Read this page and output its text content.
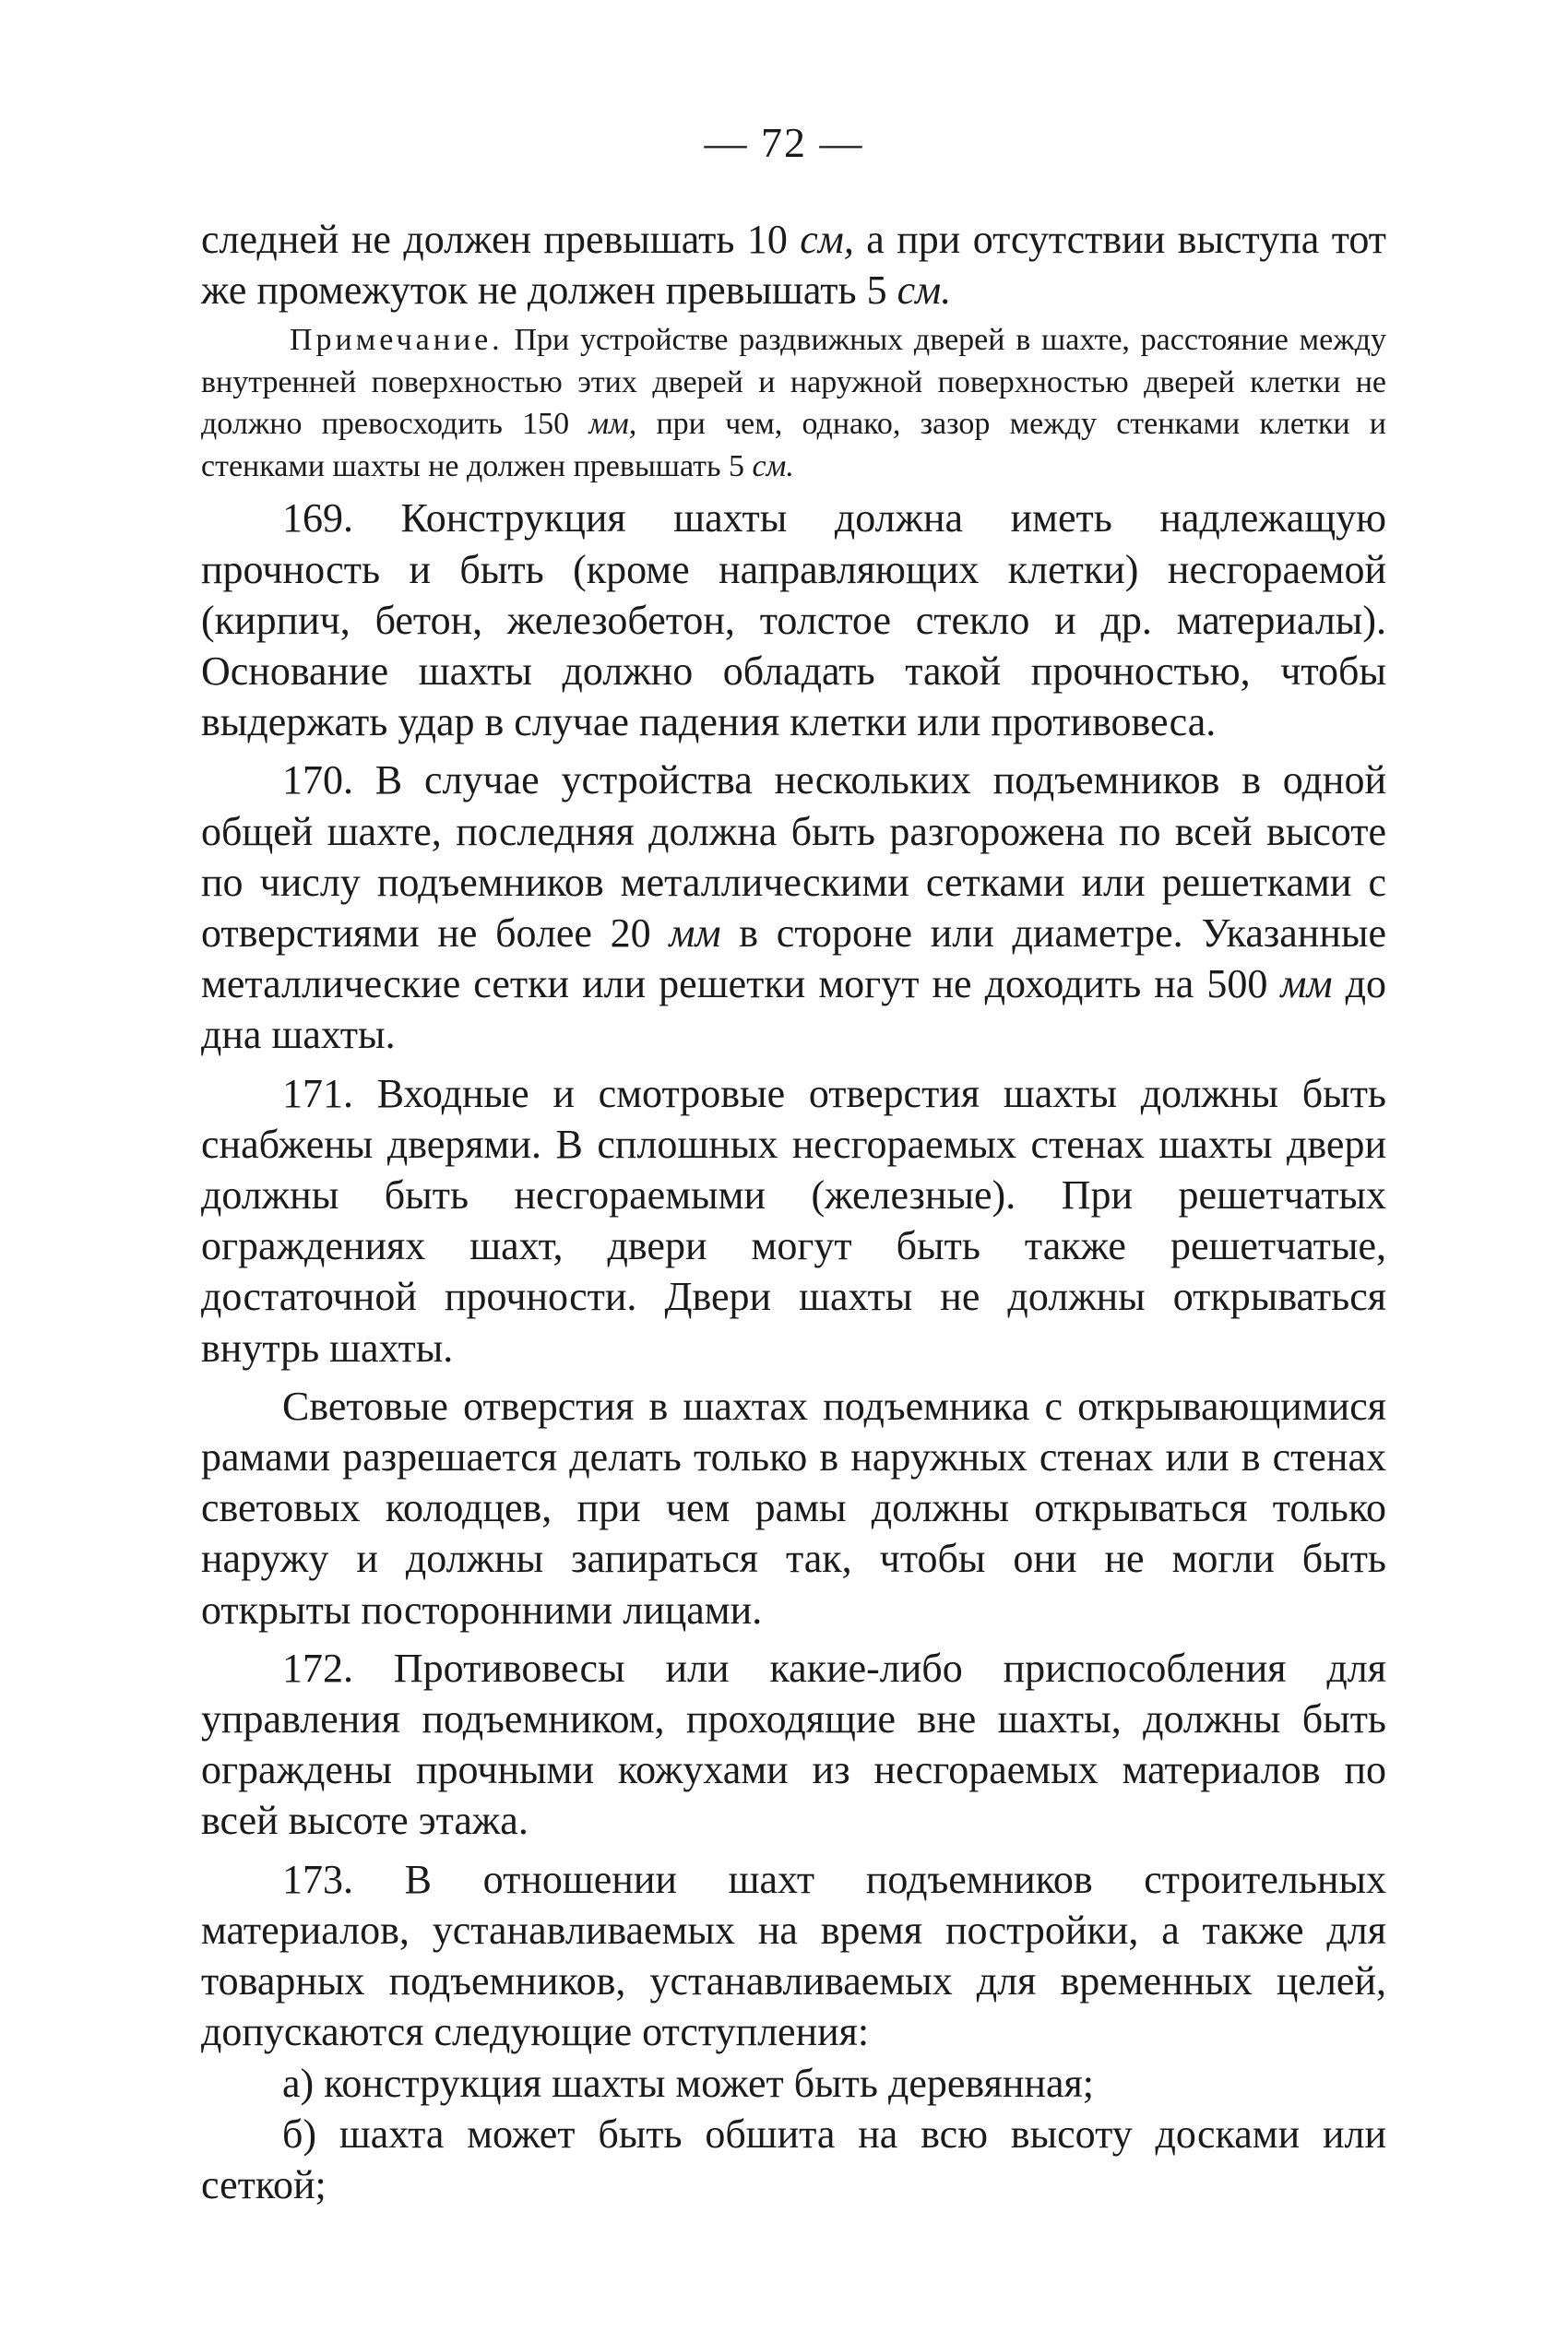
— 72 —

следней не должен превышать 10 см, а при отсутствии выступа тот же промежуток не должен превышать 5 см.

Примечание. При устройстве раздвижных дверей в шахте, расстояние между внутренней поверхностью этих дверей и наружной поверхностью дверей клетки не должно превосходить 150 мм, при чем, однако, зазор между стенками клетки и стенками шахты не должен превышать 5 см.

169. Конструкция шахты должна иметь надлежащую прочность и быть (кроме направляющих клетки) несгораемой (кирпич, бетон, железобетон, толстое стекло и др. материалы). Основание шахты должно обладать такой прочностью, чтобы выдержать удар в случае падения клетки или противовеса.

170. В случае устройства нескольких подъемников в одной общей шахте, последняя должна быть разгорожена по всей высоте по числу подъемников металлическими сетками или решетками с отверстиями не более 20 мм в стороне или диаметре. Указанные металлические сетки или решетки могут не доходить на 500 мм до дна шахты.

171. Входные и смотровые отверстия шахты должны быть снабжены дверями. В сплошных несгораемых стенах шахты двери должны быть несгораемыми (железные). При решетчатых ограждениях шахт, двери могут быть также решетчатые, достаточной прочности. Двери шахты не должны открываться внутрь шахты.

Световые отверстия в шахтах подъемника с открывающимися рамами разрешается делать только в наружных стенах или в стенах световых колодцев, при чем рамы должны открываться только наружу и должны запираться так, чтобы они не могли быть открыты посторонними лицами.

172. Противовесы или какие-либо приспособления для управления подъемником, проходящие вне шахты, должны быть ограждены прочными кожухами из несгораемых материалов по всей высоте этажа.

173. В отношении шахт подъемников строительных материалов, устанавливаемых на время постройки, а также для товарных подъемников, устанавливаемых для временных целей, допускаются следующие отступления:

а) конструкция шахты может быть деревянная;

б) шахта может быть обшита на всю высоту досками или сеткой;
